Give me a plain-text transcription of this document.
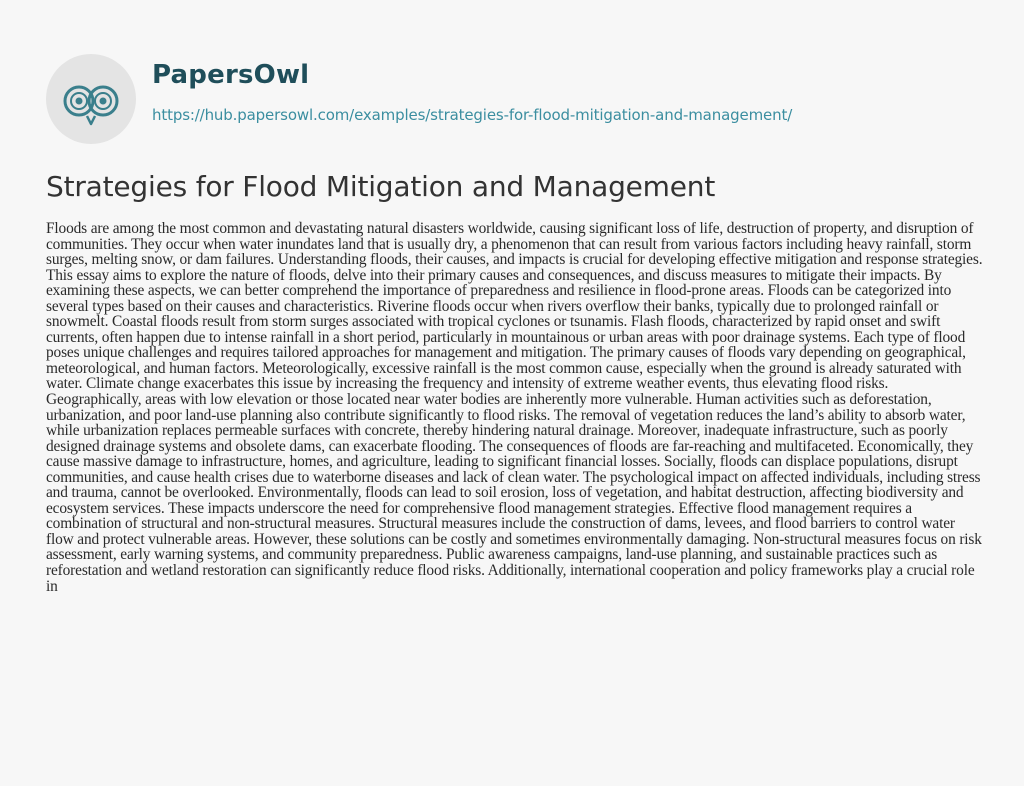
PapersOwl
https://hub.papersowl.com/examples/strategies-for-flood-mitigation-and-management/
Strategies for Flood Mitigation and Management

Floods are among the most common and devastating natural disasters worldwide, causing significant loss of life, destruction of property, and disruption of communities. They occur when water inundates land that is usually dry, a phenomenon that can result from various factors including heavy rainfall, storm surges, melting snow, or dam failures. Understanding floods, their causes, and impacts is crucial for developing effective mitigation and response strategies. This essay aims to explore the nature of floods, delve into their primary causes and consequences, and discuss measures to mitigate their impacts. By examining these aspects, we can better comprehend the importance of preparedness and resilience in flood-prone areas. Floods can be categorized into several types based on their causes and characteristics. Riverine floods occur when rivers overflow their banks, typically due to prolonged rainfall or snowmelt. Coastal floods result from storm surges associated with tropical cyclones or tsunamis. Flash floods, characterized by rapid onset and swift currents, often happen due to intense rainfall in a short period, particularly in mountainous or urban areas with poor drainage systems. Each type of flood poses unique challenges and requires tailored approaches for management and mitigation. The primary causes of floods vary depending on geographical, meteorological, and human factors. Meteorologically, excessive rainfall is the most common cause, especially when the ground is already saturated with water. Climate change exacerbates this issue by increasing the frequency and intensity of extreme weather events, thus elevating flood risks. Geographically, areas with low elevation or those located near water bodies are inherently more vulnerable. Human activities such as deforestation, urbanization, and poor land-use planning also contribute significantly to flood risks. The removal of vegetation reduces the land’s ability to absorb water, while urbanization replaces permeable surfaces with concrete, thereby hindering natural drainage. Moreover, inadequate infrastructure, such as poorly designed drainage systems and obsolete dams, can exacerbate flooding. The consequences of floods are far-reaching and multifaceted. Economically, they cause massive damage to infrastructure, homes, and agriculture, leading to significant financial losses. Socially, floods can displace populations, disrupt communities, and cause health crises due to waterborne diseases and lack of clean water. The psychological impact on affected individuals, including stress and trauma, cannot be overlooked. Environmentally, floods can lead to soil erosion, loss of vegetation, and habitat destruction, affecting biodiversity and ecosystem services. These impacts underscore the need for comprehensive flood management strategies. Effective flood management requires a combination of structural and non-structural measures. Structural measures include the construction of dams, levees, and flood barriers to control water flow and protect vulnerable areas. However, these solutions can be costly and sometimes environmentally damaging. Non-structural measures focus on risk assessment, early warning systems, and community preparedness. Public awareness campaigns, land-use planning, and sustainable practices such as reforestation and wetland restoration can significantly reduce flood risks. Additionally, international cooperation and policy frameworks play a crucial role in
